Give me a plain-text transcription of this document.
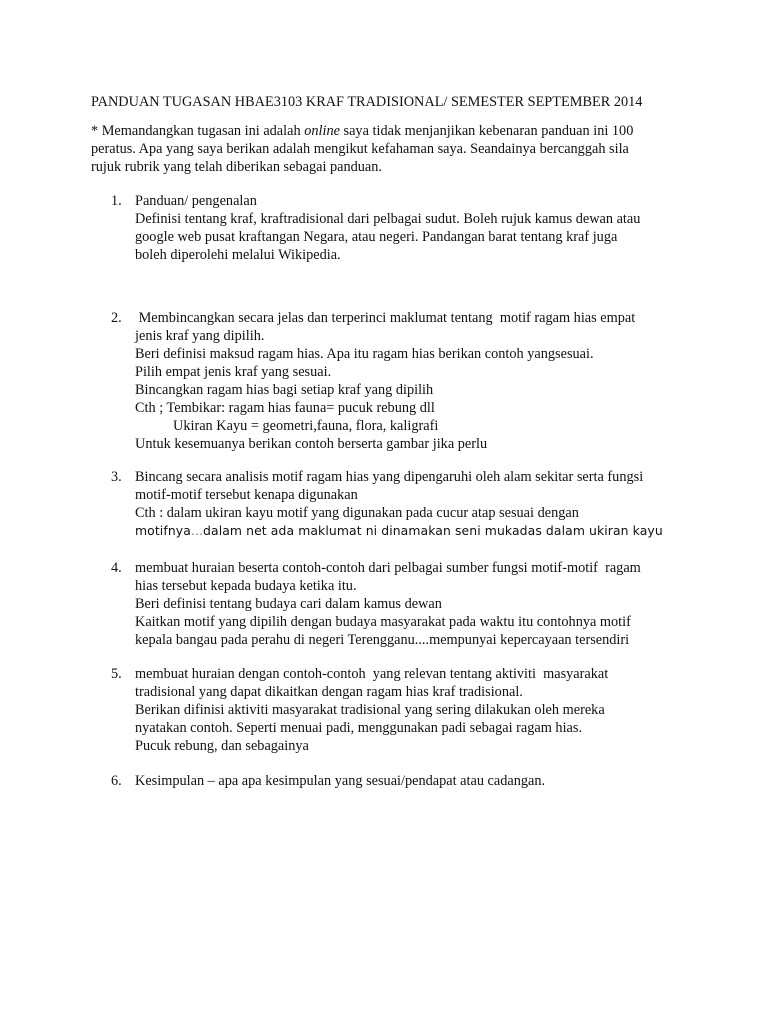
PANDUAN TUGASAN HBAE3103 KRAF TRADISIONAL/ SEMESTER SEPTEMBER 2014

* Memandangkan tugasan ini adalah online saya tidak menjanjikan kebenaran panduan ini 100

peratus. Apa yang saya berikan adalah mengikut kefahaman saya. Seandainya bercanggah sila

rujuk rubrik yang telah diberikan sebagai panduan.

1. Panduan/ pengenalan

Definisi tentang kraf, kraftradisional dari pelbagai sudut. Boleh rujuk kamus dewan atau

google web pusat kraftangan Negara, atau negeri. Pandangan barat tentang kraf juga

boleh diperolehi melalui Wikipedia.

2. Membincangkan secara jelas dan terperinci maklumat tentang  motif ragam hias empat

jenis kraf yang dipilih.

Beri definisi maksud ragam hias. Apa itu ragam hias berikan contoh yangsesuai.

Pilih empat jenis kraf yang sesuai.

Bincangkan ragam hias bagi setiap kraf yang dipilih

Cth ; Tembikar: ragam hias fauna= pucuk rebung dll

Ukiran Kayu = geometri,fauna, flora, kaligrafi

Untuk kesemuanya berikan contoh berserta gambar jika perlu

3. Bincang secara analisis motif ragam hias yang dipengaruhi oleh alam sekitar serta fungsi

motif-motif tersebut kenapa digunakan

Cth : dalam ukiran kayu motif yang digunakan pada cucur atap sesuai dengan

motifnya...dalam net ada maklumat ni dinamakan seni mukadas dalam ukiran kayu

4. membuat huraian beserta contoh-contoh dari pelbagai sumber fungsi motif-motif  ragam

hias tersebut kepada budaya ketika itu.

Beri definisi tentang budaya cari dalam kamus dewan

Kaitkan motif yang dipilih dengan budaya masyarakat pada waktu itu contohnya motif

kepala bangau pada perahu di negeri Terengganu....mempunyai kepercayaan tersendiri

5. membuat huraian dengan contoh-contoh  yang relevan tentang aktiviti  masyarakat

tradisional yang dapat dikaitkan dengan ragam hias kraf tradisional.

Berikan difinisi aktiviti masyarakat tradisional yang sering dilakukan oleh mereka

nyatakan contoh. Seperti menuai padi, menggunakan padi sebagai ragam hias.

Pucuk rebung, dan sebagainya

6. Kesimpulan – apa apa kesimpulan yang sesuai/pendapat atau cadangan.
